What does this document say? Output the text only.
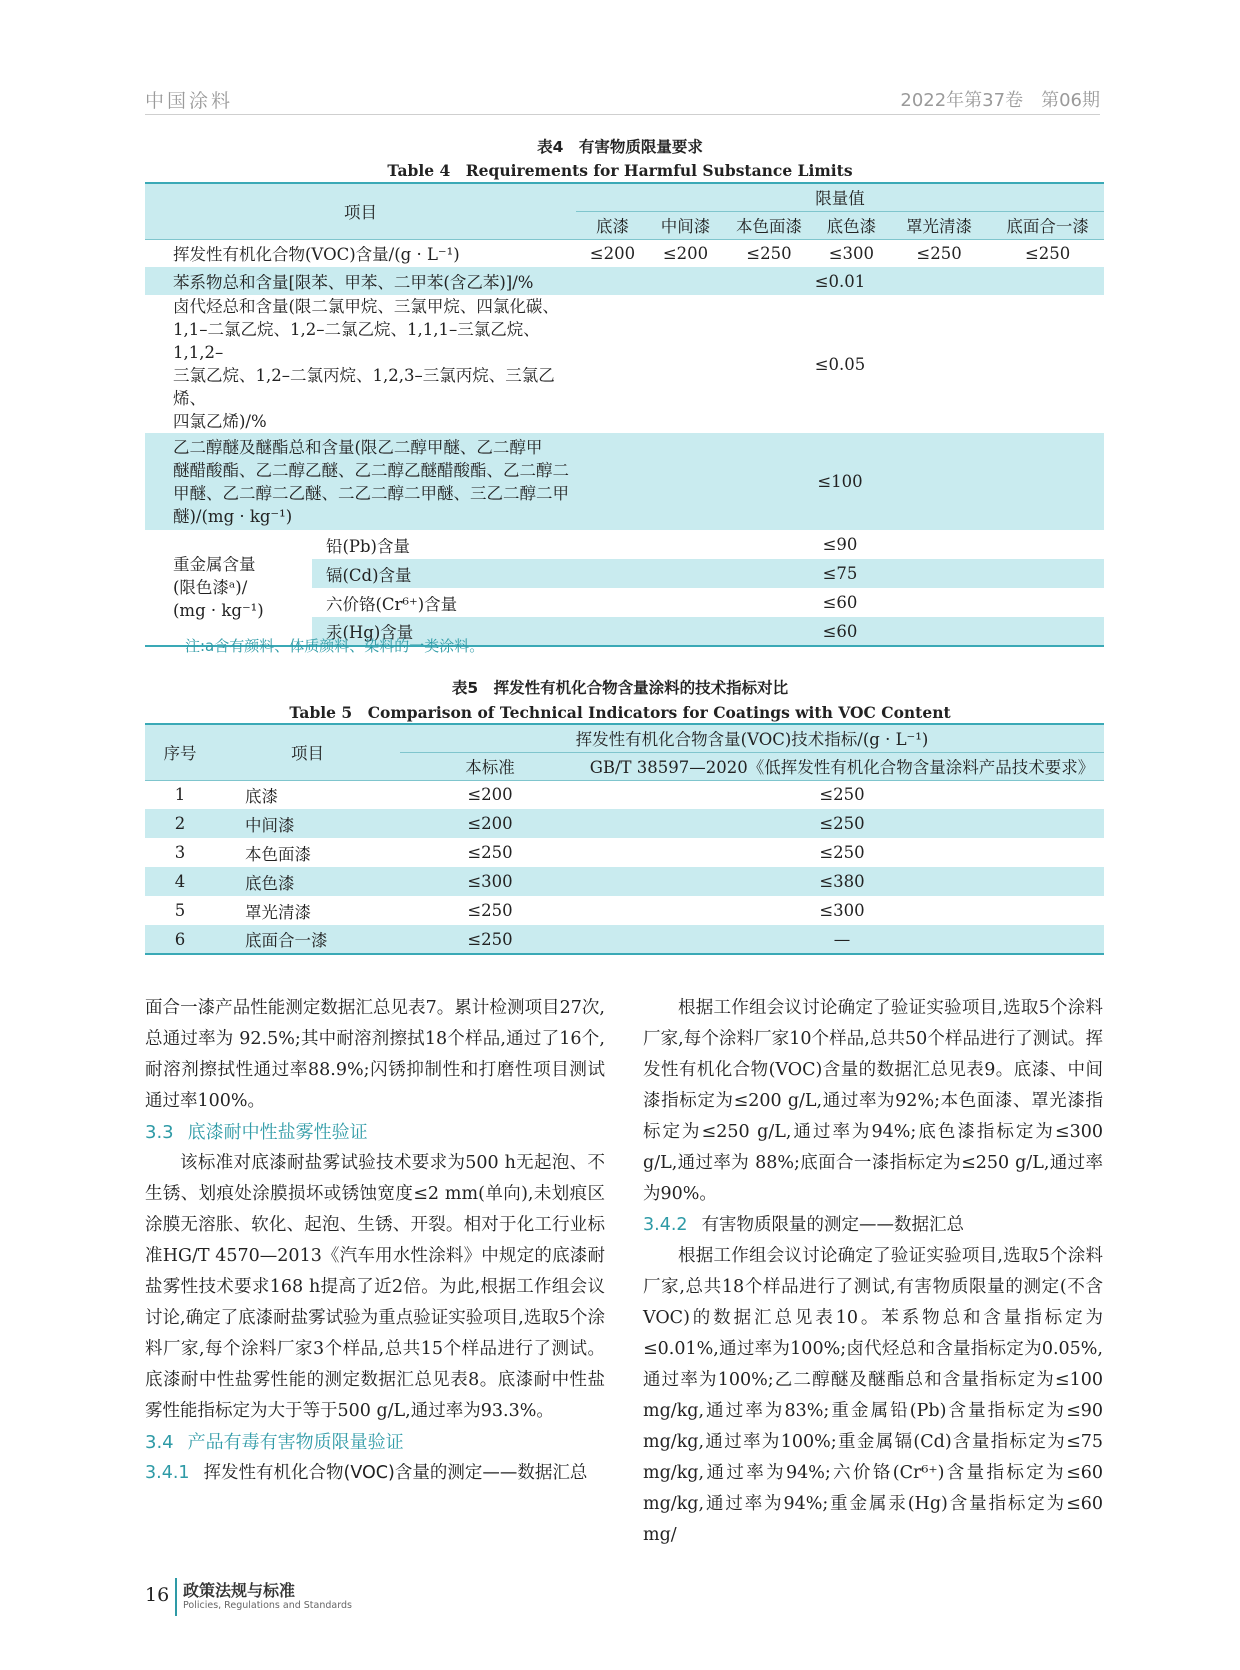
中国涂料	2022年第37卷　第06期
表4　有害物质限量要求
Table 4　Requirements for Harmful Substance Limits
项目		限量值					
		底漆	中间漆	本色面漆	底色漆	罩光清漆	底面合一漆
挥发性有机化合物(VOC)含量/(g · L⁻¹)		≤200	≤200	≤250	≤300	≤250	≤250
苯系物总和含量[限苯、甲苯、二甲苯(含乙苯)]/%		≤0.01					

卤代烃总和含量(限二氯甲烷、三氯甲烷、四氯化碳、
1,1–二氯乙烷、1,2–二氯乙烷、1,1,1–三氯乙烷、1,1,2–
三氯乙烷、1,2–二氯丙烷、1,2,3–三氯丙烷、三氯乙烯、
四氯乙烯)/%		≤0.05					

乙二醇醚及醚酯总和含量(限乙二醇甲醚、乙二醇甲
醚醋酸酯、乙二醇乙醚、乙二醇乙醚醋酸酯、乙二醇二
甲醚、乙二醇二乙醚、二乙二醇二甲醚、三乙二醇二甲
醚)/(mg · kg⁻¹)		≤100					

重金属含量
(限色漆ᵃ)/
(mg · kg⁻¹)	铅(Pb)含量	≤90					
	镉(Cd)含量	≤75					
	六价铬(Cr⁶⁺)含量	≤60					
	汞(Hg)含量	≤60					
注:a含有颜料、体质颜料、染料的一类涂料。
表5　挥发性有机化合物含量涂料的技术指标对比
Table 5　Comparison of Technical Indicators for Coatings with VOC Content
序号	项目	挥发性有机化合物含量(VOC)技术指标/(g · L⁻¹)	
		本标准	GB/T 38597—2020《低挥发性有机化合物含量涂料产品技术要求》
1	底漆	≤200	≤250
2	中间漆	≤200	≤250
3	本色面漆	≤250	≤250
4	底色漆	≤300	≤380
5	罩光清漆	≤250	≤300
6	底面合一漆	≤250	—

面合一漆产品性能测定数据汇总见表7。累计检测项目27次,总通过率为 92.5%;其中耐溶剂擦拭18个样品,通过了16个,耐溶剂擦拭性通过率88.9%;闪锈抑制性和打磨性项目测试通过率100%。

3.3 底漆耐中性盐雾性验证

该标准对底漆耐盐雾试验技术要求为500 h无起泡、不生锈、划痕处涂膜损坏或锈蚀宽度≤2 mm(单向),未划痕区涂膜无溶胀、软化、起泡、生锈、开裂。相对于化工行业标准HG/T 4570—2013《汽车用水性涂料》中规定的底漆耐盐雾性技术要求168 h提高了近2倍。为此,根据工作组会议讨论,确定了底漆耐盐雾试验为重点验证实验项目,选取5个涂料厂家,每个涂料厂家3个样品,总共15个样品进行了测试。底漆耐中性盐雾性能的测定数据汇总见表8。底漆耐中性盐雾性能指标定为大于等于500 g/L,通过率为93.3%。

3.4 产品有毒有害物质限量验证
3.4.1 挥发性有机化合物(VOC)含量的测定——数据汇总

根据工作组会议讨论确定了验证实验项目,选取5个涂料厂家,每个涂料厂家10个样品,总共50个样品进行了测试。挥发性有机化合物(VOC)含量的数据汇总见表9。底漆、中间漆指标定为≤200 g/L,通过率为92%;本色面漆、罩光漆指标定为≤250 g/L,通过率为94%;底色漆指标定为≤300 g/L,通过率为 88%;底面合一漆指标定为≤250 g/L,通过率为90%。

3.4.2 有害物质限量的测定——数据汇总

根据工作组会议讨论确定了验证实验项目,选取5个涂料厂家,总共18个样品进行了测试,有害物质限量的测定(不含VOC)的数据汇总见表10。苯系物总和含量指标定为≤0.01%,通过率为100%;卤代烃总和含量指标定为0.05%,通过率为100%;乙二醇醚及醚酯总和含量指标定为≤100 mg/kg,通过率为83%;重金属铅(Pb)含量指标定为≤90 mg/kg,通过率为100%;重金属镉(Cd)含量指标定为≤75 mg/kg,通过率为94%;六价铬(Cr⁶⁺)含量指标定为≤60 mg/kg,通过率为94%;重金属汞(Hg)含量指标定为≤60 mg/

16 政策法规与标准
Policies, Regulations and Standards
